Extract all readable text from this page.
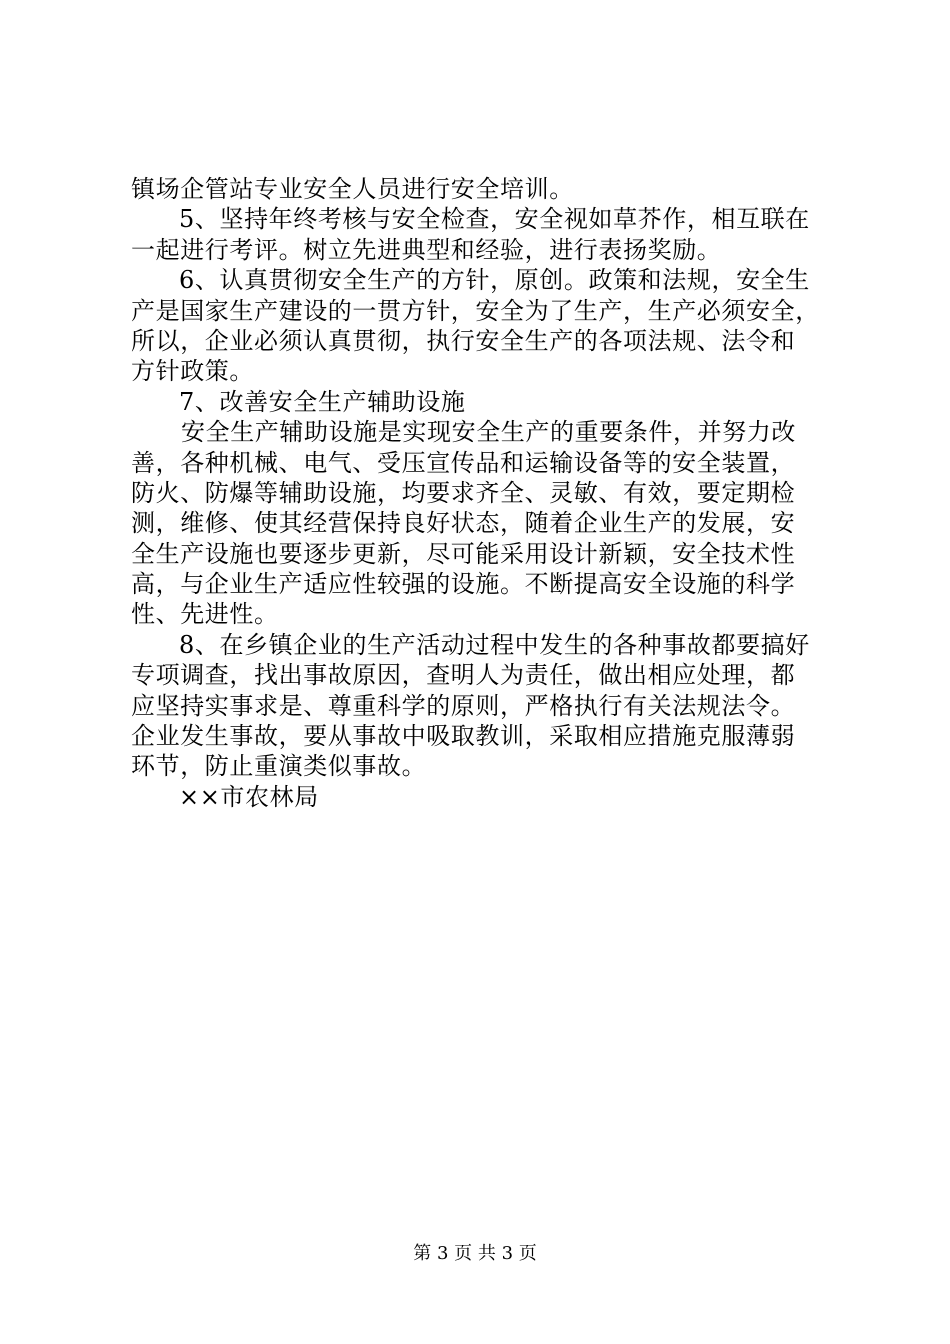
镇场企管站专业安全人员进行安全培训。
5、坚持年终考核与安全检查，安全视如草芥作，相互联在
一起进行考评。树立先进典型和经验，进行表扬奖励。
6、认真贯彻安全生产的方针，原创。政策和法规，安全生
产是国家生产建设的一贯方针，安全为了生产，生产必须安全，
所以，企业必须认真贯彻，执行安全生产的各项法规、法令和
方针政策。
7、改善安全生产辅助设施
安全生产辅助设施是实现安全生产的重要条件，并努力改
善，各种机械、电气、受压宣传品和运输设备等的安全装置，
防火、防爆等辅助设施，均要求齐全、灵敏、有效，要定期检
测，维修、使其经营保持良好状态，随着企业生产的发展，安
全生产设施也要逐步更新，尽可能采用设计新颖，安全技术性
高，与企业生产适应性较强的设施。不断提高安全设施的科学
性、先进性。
8、在乡镇企业的生产活动过程中发生的各种事故都要搞好
专项调查，找出事故原因，查明人为责任，做出相应处理，都
应坚持实事求是、尊重科学的原则，严格执行有关法规法令。
企业发生事故，要从事故中吸取教训，采取相应措施克服薄弱
环节，防止重演类似事故。
××市农林局
第 3 页 共 3 页
